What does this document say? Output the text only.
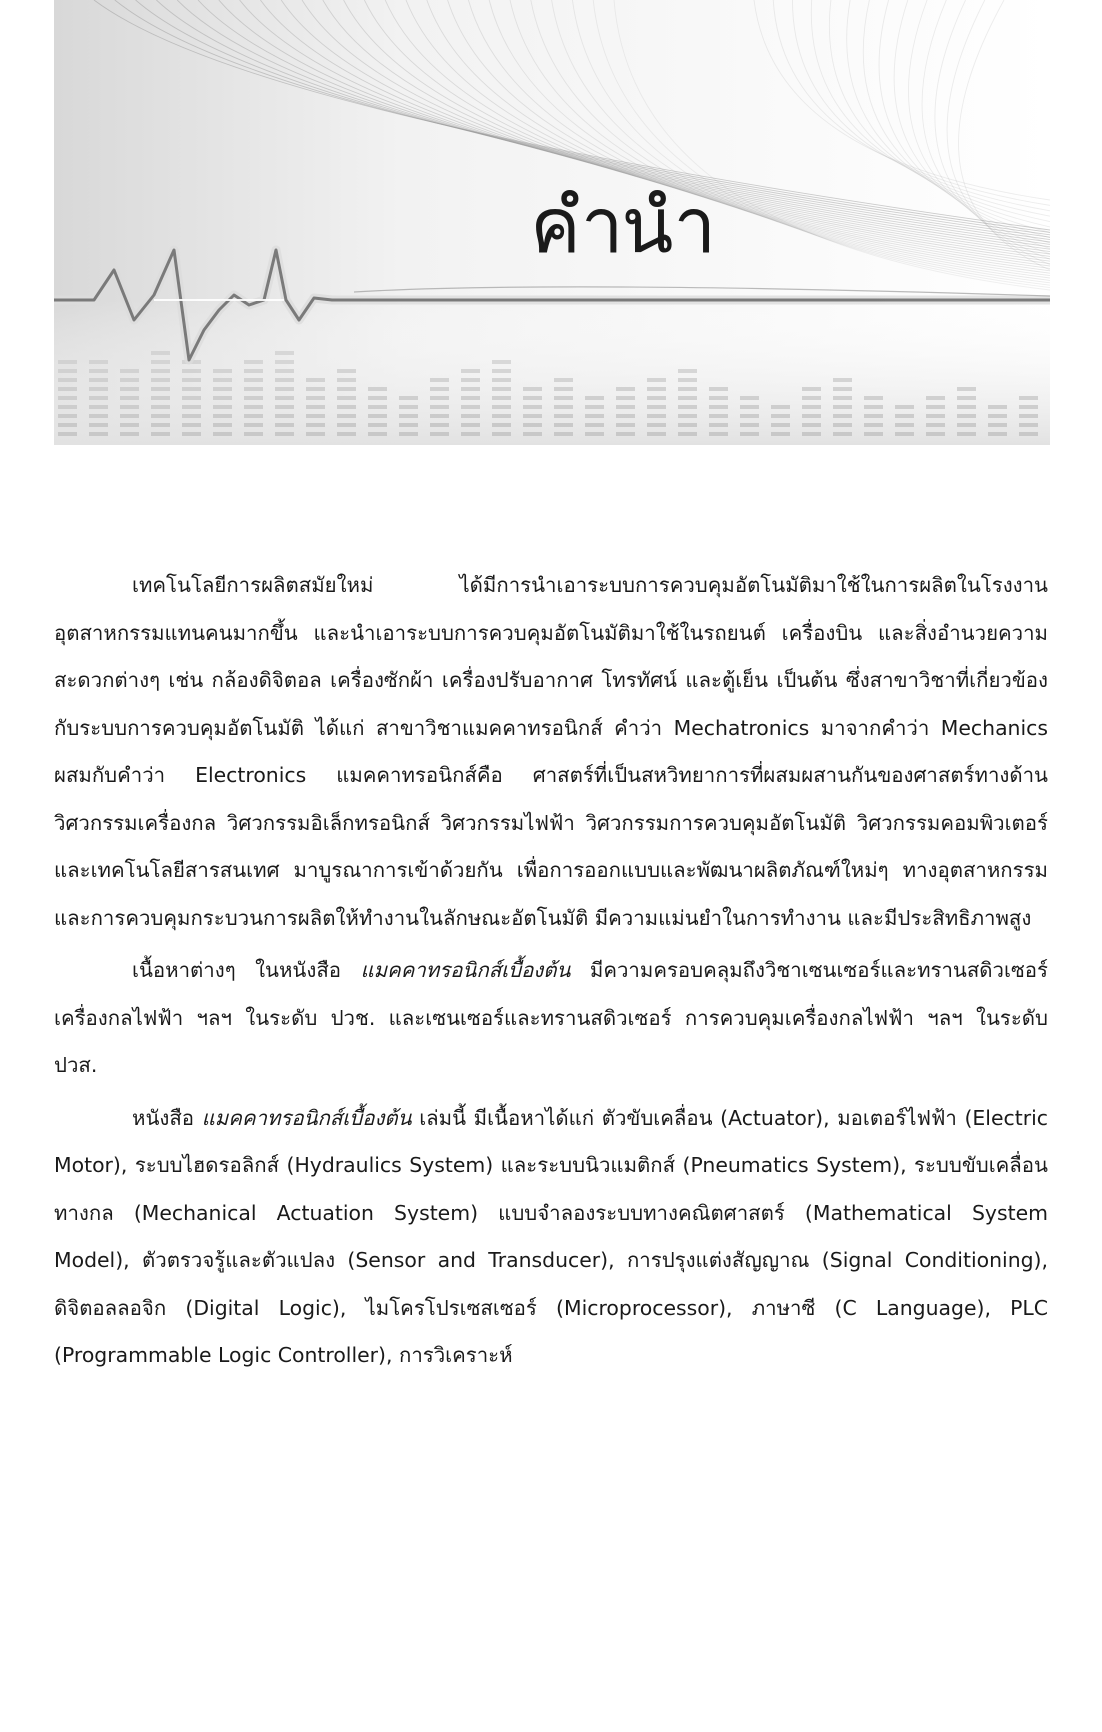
คำนำ

เทคโนโลยีการผลิตสมัยใหม่ ได้มีการนำเอาระบบการควบคุมอัตโนมัติมาใช้ในการผลิตในโรงงานอุตสาหกรรมแทนคนมากขึ้น และนำเอาระบบการควบคุมอัตโนมัติมาใช้ในรถยนต์ เครื่องบิน และสิ่งอำนวยความสะดวกต่างๆ เช่น กล้องดิจิตอล เครื่องซักผ้า เครื่องปรับอากาศ โทรทัศน์ และตู้เย็น เป็นต้น ซึ่งสาขาวิชาที่เกี่ยวข้องกับระบบการควบคุมอัตโนมัติ ได้แก่ สาขาวิชาแมคคาทรอนิกส์ คำว่า Mechatronics มาจากคำว่า Mechanics ผสมกับคำว่า Electronics แมคคาทรอนิกส์คือ ศาสตร์ที่เป็นสหวิทยาการที่ผสมผสานกันของศาสตร์ทางด้านวิศวกรรมเครื่องกล วิศวกรรมอิเล็กทรอนิกส์ วิศวกรรมไฟฟ้า วิศวกรรมการควบคุมอัตโนมัติ วิศวกรรมคอมพิวเตอร์ และเทคโนโลยีสารสนเทศ มาบูรณาการเข้าด้วยกัน เพื่อการออกแบบและพัฒนาผลิตภัณฑ์ใหม่ๆ ทางอุตสาหกรรม และการควบคุมกระบวนการผลิตให้ทำงานในลักษณะอัตโนมัติ มีความแม่นยำในการทำงาน และมีประสิทธิภาพสูง

เนื้อหาต่างๆ ในหนังสือ แมคคาทรอนิกส์เบื้องต้น มีความครอบคลุมถึงวิชาเซนเซอร์และทรานสดิวเซอร์ เครื่องกลไฟฟ้า ฯลฯ ในระดับ ปวช. และเซนเซอร์และทรานสดิวเซอร์ การควบคุมเครื่องกลไฟฟ้า ฯลฯ ในระดับ ปวส.

หนังสือ แมคคาทรอนิกส์เบื้องต้น เล่มนี้ มีเนื้อหาได้แก่ ตัวขับเคลื่อน (Actuator), มอเตอร์ไฟฟ้า (Electric Motor), ระบบไฮดรอลิกส์ (Hydraulics System) และระบบนิวแมติกส์ (Pneumatics System), ระบบขับเคลื่อนทางกล (Mechanical Actuation System) แบบจำลองระบบทางคณิตศาสตร์ (Mathematical System Model), ตัวตรวจรู้และตัวแปลง (Sensor and Transducer), การปรุงแต่งสัญญาณ (Signal Conditioning), ดิจิตอลลอจิก (Digital Logic), ไมโครโปรเซสเซอร์ (Microprocessor), ภาษาซี (C Language), PLC (Programmable Logic Controller), การวิเคราะห์
